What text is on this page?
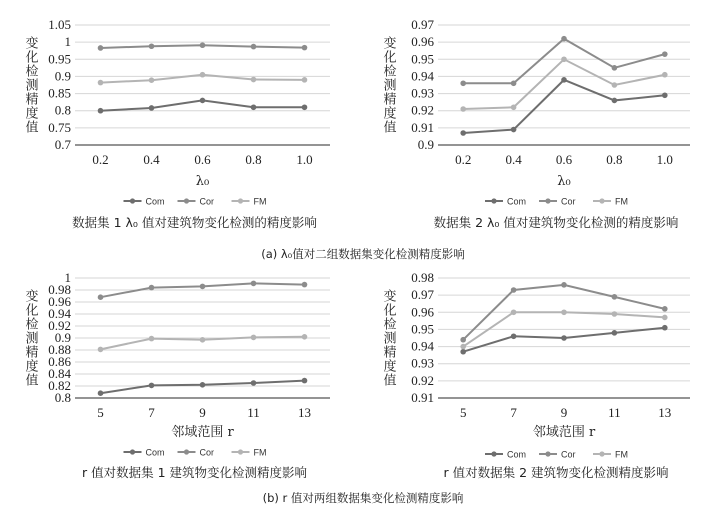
0.7
0.75
0.8
0.85
0.9
0.95
1
1.05
0.2	0.4	0.6	0.8	1.0
变化检测精度值
λ₀
Com	Cor	FM
数据集 1 λ₀ 值对建筑物变化检测的精度影响
0.9
0.91
0.92
0.93
0.94
0.95
0.96
0.97
0.2	0.4	0.6	0.8	1.0
变化检测精度值
λ₀
Com	Cor	FM
数据集 2 λ₀ 值对建筑物变化检测的精度影响
0.8
0.82
0.84
0.86
0.88
0.9
0.92
0.94
0.96
0.98
1
5	7	9	11	13
变化检测精度值
邻域范围 r
Com	Cor	FM
r 值对数据集 1 建筑物变化检测精度影响
0.91
0.92
0.93
0.94
0.95
0.96
0.97
0.98
5	7	9	11	13
变化检测精度值
邻域范围 r
Com	Cor	FM
r 值对数据集 2 建筑物变化检测精度影响
(a) λ₀值对二组数据集变化检测精度影响
(b) r 值对两组数据集变化检测精度影响
